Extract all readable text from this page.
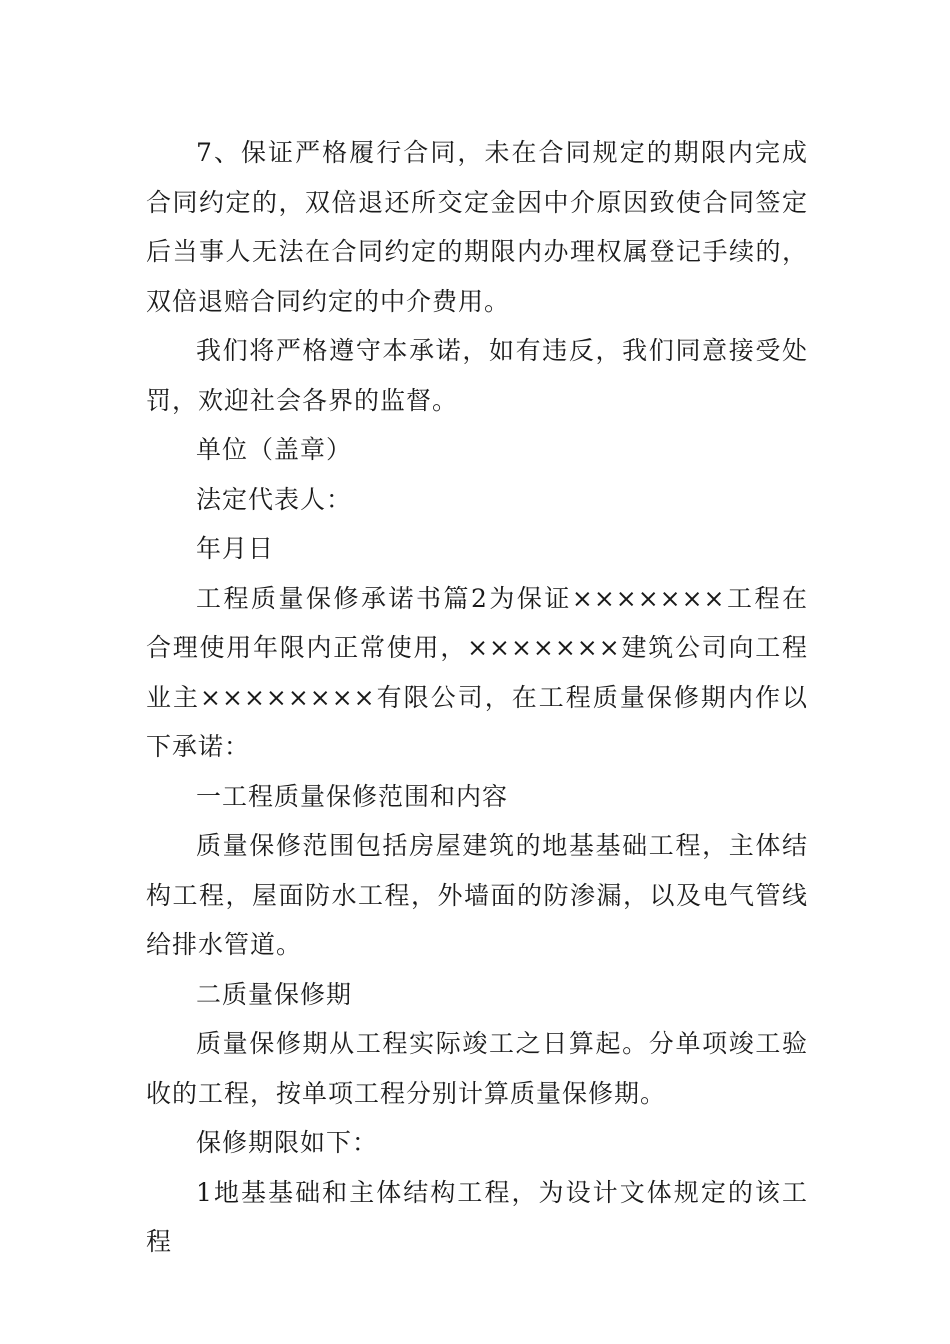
7、保证严格履行合同，未在合同规定的期限内完成合同约定的，双倍退还所交定金因中介原因致使合同签定后当事人无法在合同约定的期限内办理权属登记手续的，双倍退赔合同约定的中介费用。

我们将严格遵守本承诺，如有违反，我们同意接受处罚，欢迎社会各界的监督。

单位（盖章）

法定代表人：

年月日

工程质量保修承诺书篇2为保证×××××××工程在合理使用年限内正常使用，×××××××建筑公司向工程业主××××××××有限公司，在工程质量保修期内作以下承诺：

一工程质量保修范围和内容

质量保修范围包括房屋建筑的地基基础工程，主体结构工程，屋面防水工程，外墙面的防渗漏，以及电气管线给排水管道。

二质量保修期

质量保修期从工程实际竣工之日算起。分单项竣工验收的工程，按单项工程分别计算质量保修期。

保修期限如下：

1地基基础和主体结构工程，为设计文体规定的该工程
